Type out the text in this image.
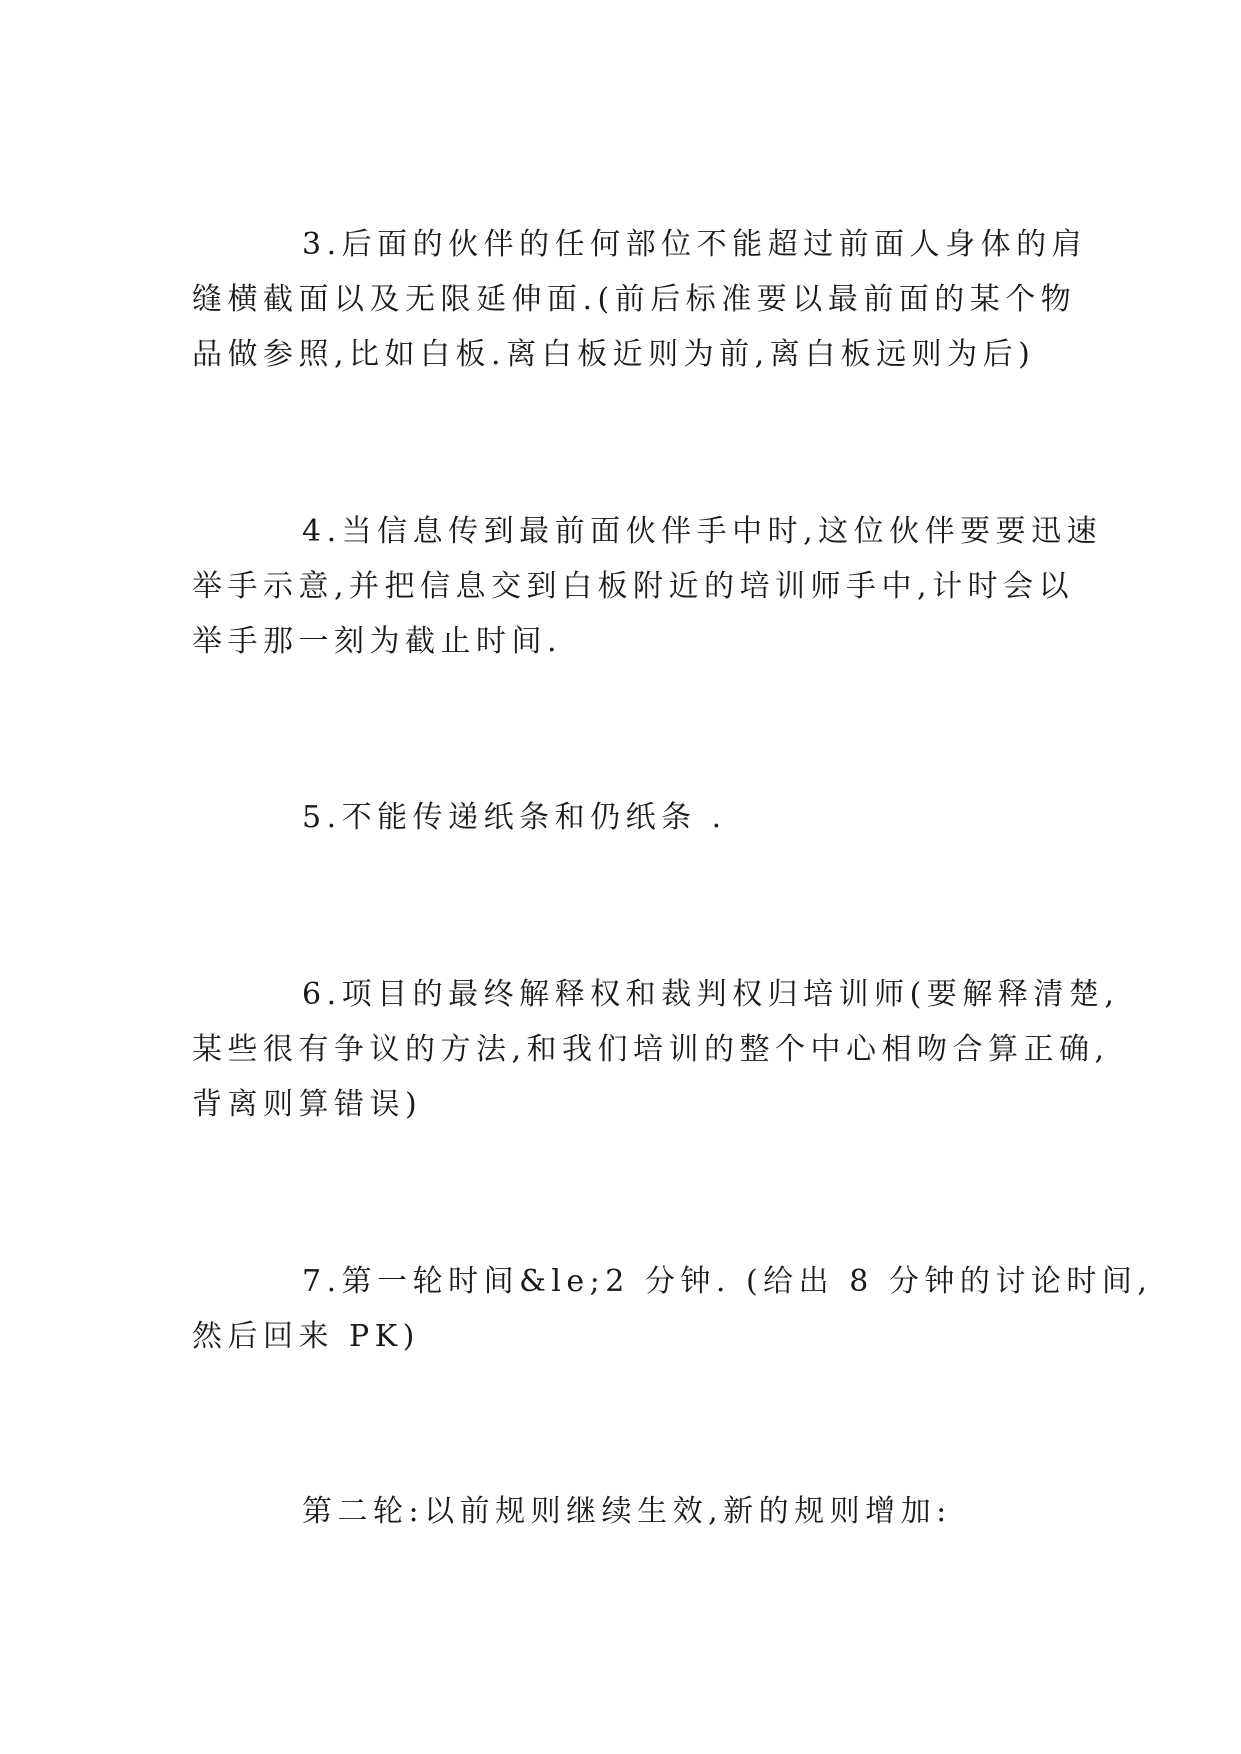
3.后面的伙伴的任何部位不能超过前面人身体的肩
缝横截面以及无限延伸面.(前后标准要以最前面的某个物
品做参照,比如白板.离白板近则为前,离白板远则为后)
4.当信息传到最前面伙伴手中时,这位伙伴要要迅速
举手示意,并把信息交到白板附近的培训师手中,计时会以
举手那一刻为截止时间.
5.不能传递纸条和仍纸条 .
6.项目的最终解释权和裁判权归培训师(要解释清楚,
某些很有争议的方法,和我们培训的整个中心相吻合算正确,
背离则算错误)
7.第一轮时间&le;2 分钟. (给出 8 分钟的讨论时间,
然后回来 PK)
第二轮:以前规则继续生效,新的规则增加:
